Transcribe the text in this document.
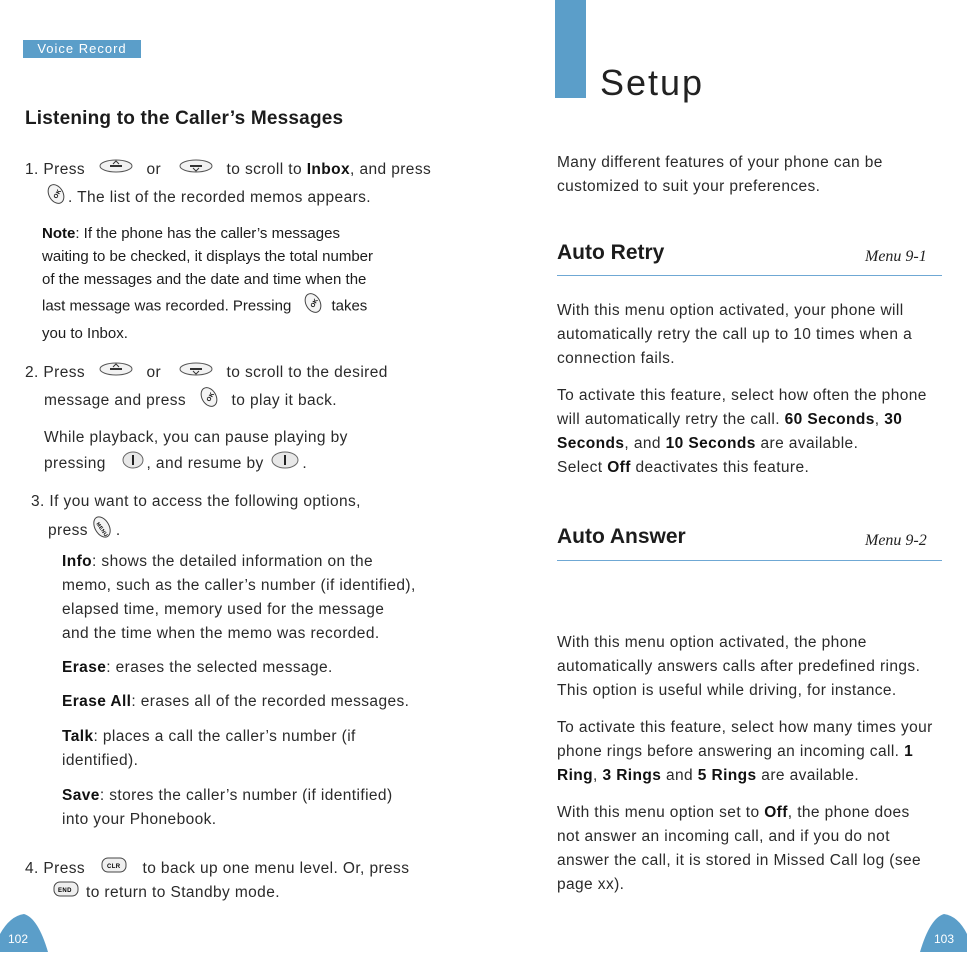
Voice Record
Listening to the Caller’s Messages
1. Press	or	to scroll to Inbox, and press
OK . The list of the recorded memos appears.
Note: If the phone has the caller’s messages
waiting to be checked, it displays the total number
of the messages and the date and time when the
last message was recorded. Pressing	OK takes
you to Inbox.
2. Press	or	to scroll to the desired
message and press	OK to play it back.
While playback, you can pause playing by
pressing	, and resume by .
3. If you want to access the following options,
press MENU .
Info: shows the detailed information on the
memo, such as the caller’s number (if identified),
elapsed time, memory used for the message
and the time when the memo was recorded.
Erase: erases the selected message.
Erase All: erases all of the recorded messages.
Talk: places a call the caller’s number (if
identified).
Save: stores the caller’s number (if identified)
into your Phonebook.
4. Press	CLR to back up one menu level. Or, press
END to return to Standby mode.
102
Setup
Many different features of your phone can be
customized to suit your preferences.
Auto Retry	Menu 9-1
With this menu option activated, your phone will
automatically retry the call up to 10 times when a
connection fails.
To activate this feature, select how often the phone
will automatically retry the call. 60 Seconds, 30
Seconds, and 10 Seconds are available.
Select Off deactivates this feature.
Auto Answer	Menu 9-2
With this menu option activated, the phone
automatically answers calls after predefined rings.
This option is useful while driving, for instance.
To activate this feature, select how many times your
phone rings before answering an incoming call. 1
Ring, 3 Rings and 5 Rings are available.
With this menu option set to Off, the phone does
not answer an incoming call, and if you do not
answer the call, it is stored in Missed Call log (see
page xx).
103
